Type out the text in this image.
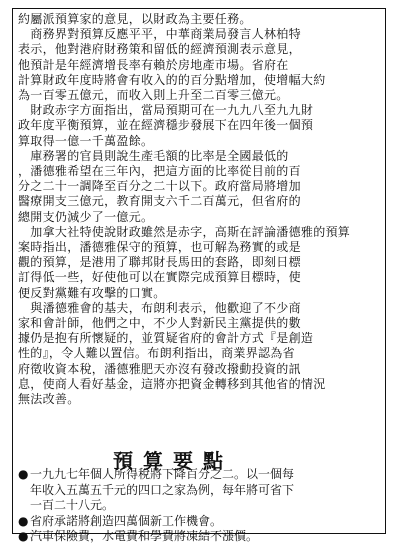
約屬派預算家的意見，以財政為主要任務。

　商務界對預算反應平平，中華商業局發言人林柏特

表示，他對港府財務策和留低的經濟預測表示意見，

他預計是年經濟增長率有賴於房地產市場。省府在

計算財政年度時將會有收入的的百分點增加，使增幅大約

為一百零五億元，而收入則上升至二百零三億元。

　財政赤字方面指出，當局預期可在一九九八至九九財

政年度平衡預算，並在經濟穩步發展下在四年後一個預

算取得一億一千萬盈餘。

　庫務署的官員則說生產毛額的比率是全國最低的

，潘德雅希望在三年內，把這方面的比率從目前的百

分之二十一調降至百分之二十以下。政府當局將增加

醫療開支三億元，教育開支六千二百萬元，但省府的

總開支仍減少了一億元。

　加拿大社特使說財政雖然是赤字，高斯在評論潘德雅的預算

案時指出，潘德雅保守的預算，也可解為務實的或是

觀的預算，是港用了聯邦財長馬田的套路，即刻日標

訂得低一些，好使他可以在實際完成預算目標時，使

便反對黨難有攻擊的口實。

　與潘德雅會的基夫，布朗利表示，他歡迎了不少商

家和會計師，他們之中，不少人對新民主黨提供的數

據仍是抱有所懷疑的，並質疑省府的會計方式『是創造

性的』，令人難以置信。布朗利指出，商業界認為省

府徵收資本稅，潘德雅肥天亦沒有發改撥動投資的訊

息，使商人看好基金，這將亦把資金轉移到其他省的情況

無法改善。

預算要點
● 一九九七年個人所得稅將下降百分之二。以一個每
年收入五萬五千元的四口之家為例，每年將可省下
一百二十八元。
● 省府承諾將創造四萬個新工作機會。
● 汽車保險費，水電費和學費將凍結不漲價。
